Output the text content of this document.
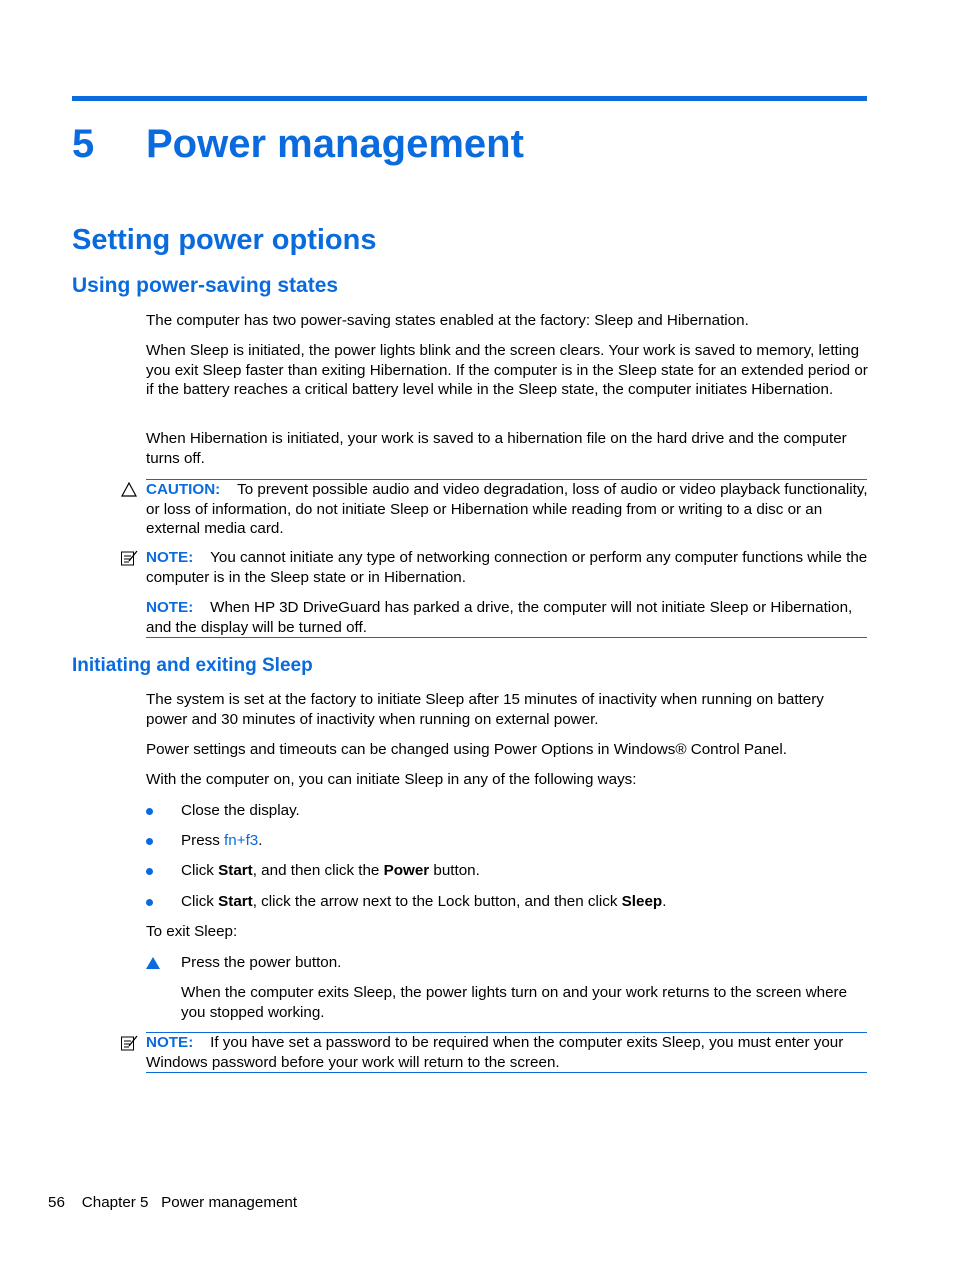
5 Power management
Setting power options
Using power-saving states
The computer has two power-saving states enabled at the factory: Sleep and Hibernation.
When Sleep is initiated, the power lights blink and the screen clears. Your work is saved to memory, letting you exit Sleep faster than exiting Hibernation. If the computer is in the Sleep state for an extended period or if the battery reaches a critical battery level while in the Sleep state, the computer initiates Hibernation.
When Hibernation is initiated, your work is saved to a hibernation file on the hard drive and the computer turns off.
CAUTION: To prevent possible audio and video degradation, loss of audio or video playback functionality, or loss of information, do not initiate Sleep or Hibernation while reading from or writing to a disc or an external media card.
NOTE: You cannot initiate any type of networking connection or perform any computer functions while the computer is in the Sleep state or in Hibernation.
NOTE: When HP 3D DriveGuard has parked a drive, the computer will not initiate Sleep or Hibernation, and the display will be turned off.
Initiating and exiting Sleep
The system is set at the factory to initiate Sleep after 15 minutes of inactivity when running on battery power and 30 minutes of inactivity when running on external power.
Power settings and timeouts can be changed using Power Options in Windows® Control Panel.
With the computer on, you can initiate Sleep in any of the following ways:
Close the display.
Press fn+f3.
Click Start, and then click the Power button.
Click Start, click the arrow next to the Lock button, and then click Sleep.
To exit Sleep:
Press the power button.
When the computer exits Sleep, the power lights turn on and your work returns to the screen where you stopped working.
NOTE: If you have set a password to be required when the computer exits Sleep, you must enter your Windows password before your work will return to the screen.
56 Chapter 5 Power management
